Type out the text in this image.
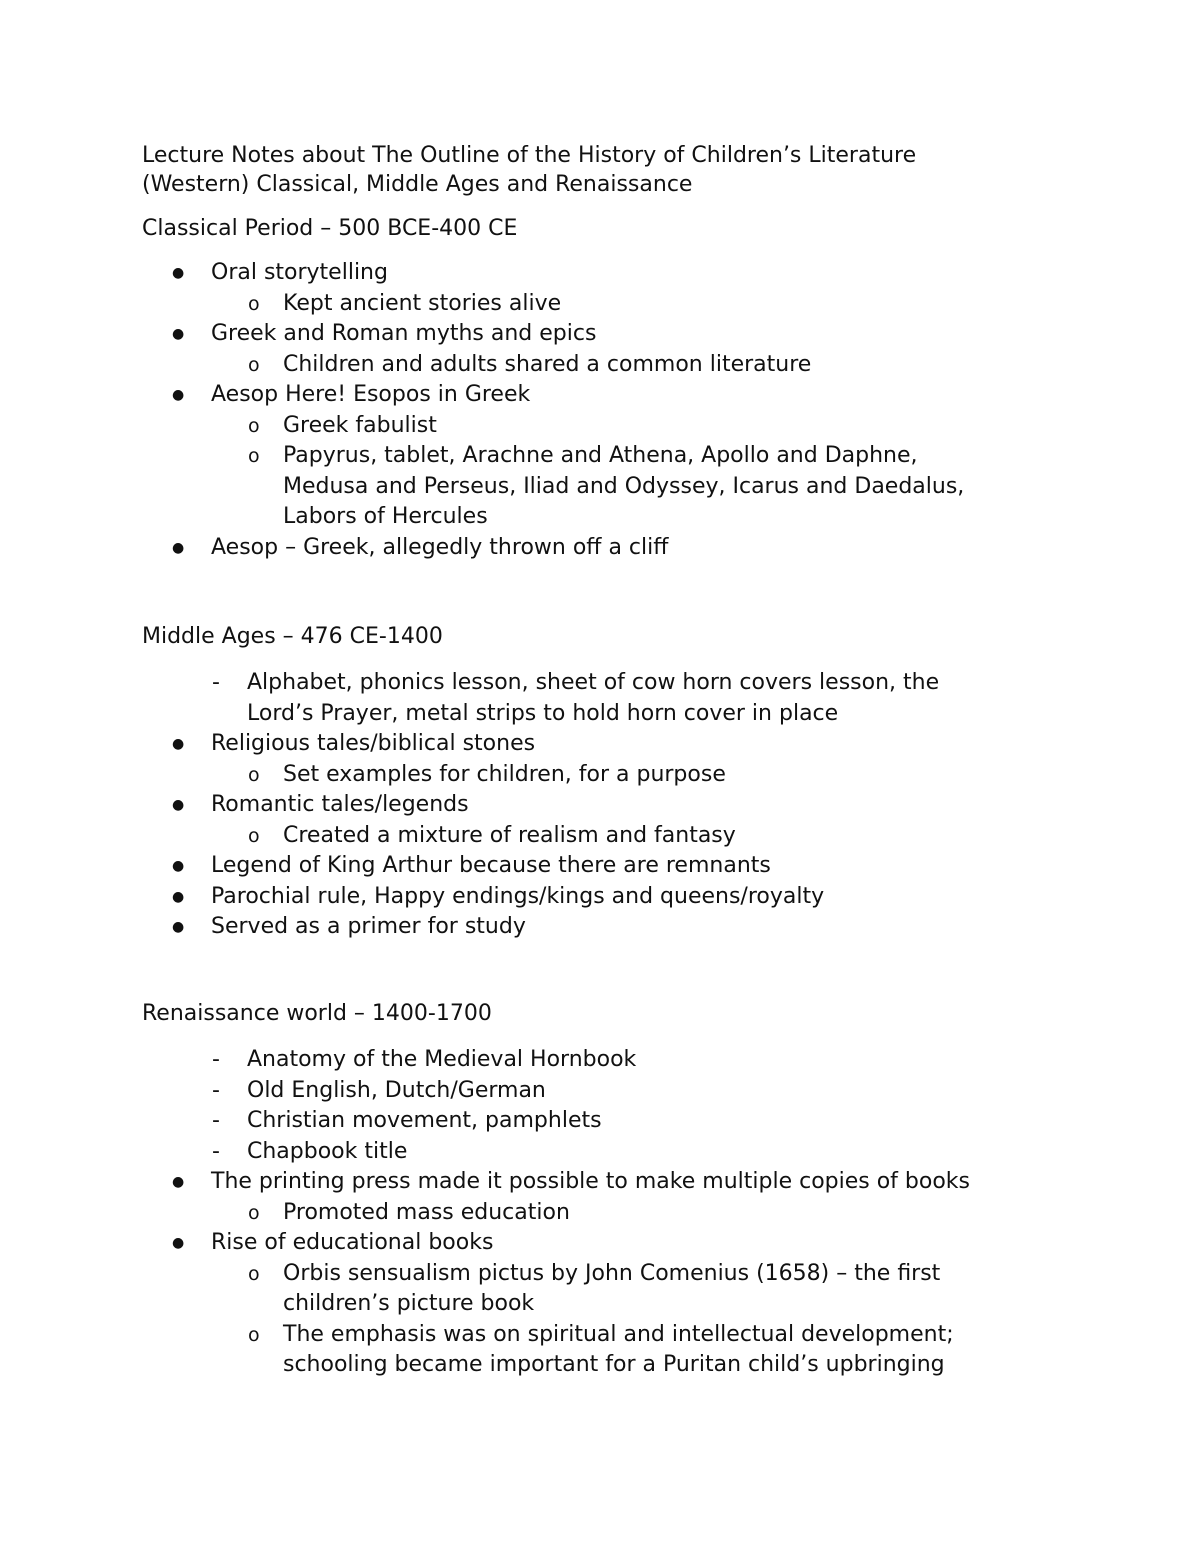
Lecture Notes about The Outline of the History of Children’s Literature
(Western) Classical, Middle Ages and Renaissance
Classical Period – 500 BCE-400 CE
● Oral storytelling
o Kept ancient stories alive
● Greek and Roman myths and epics
o Children and adults shared a common literature
● Aesop Here! Esopos in Greek
o Greek fabulist
o Papyrus, tablet, Arachne and Athena, Apollo and Daphne,
Medusa and Perseus, Iliad and Odyssey, Icarus and Daedalus,
Labors of Hercules
● Aesop – Greek, allegedly thrown off a cliff
Middle Ages – 476 CE-1400
- Alphabet, phonics lesson, sheet of cow horn covers lesson, the
Lord’s Prayer, metal strips to hold horn cover in place
● Religious tales/biblical stones
o Set examples for children, for a purpose
● Romantic tales/legends
o Created a mixture of realism and fantasy
● Legend of King Arthur because there are remnants
● Parochial rule, Happy endings/kings and queens/royalty
● Served as a primer for study
Renaissance world – 1400-1700
- Anatomy of the Medieval Hornbook
- Old English, Dutch/German
- Christian movement, pamphlets
- Chapbook title
● The printing press made it possible to make multiple copies of books
o Promoted mass education
● Rise of educational books
o Orbis sensualism pictus by John Comenius (1658) – the first
children’s picture book
o The emphasis was on spiritual and intellectual development;
schooling became important for a Puritan child’s upbringing
